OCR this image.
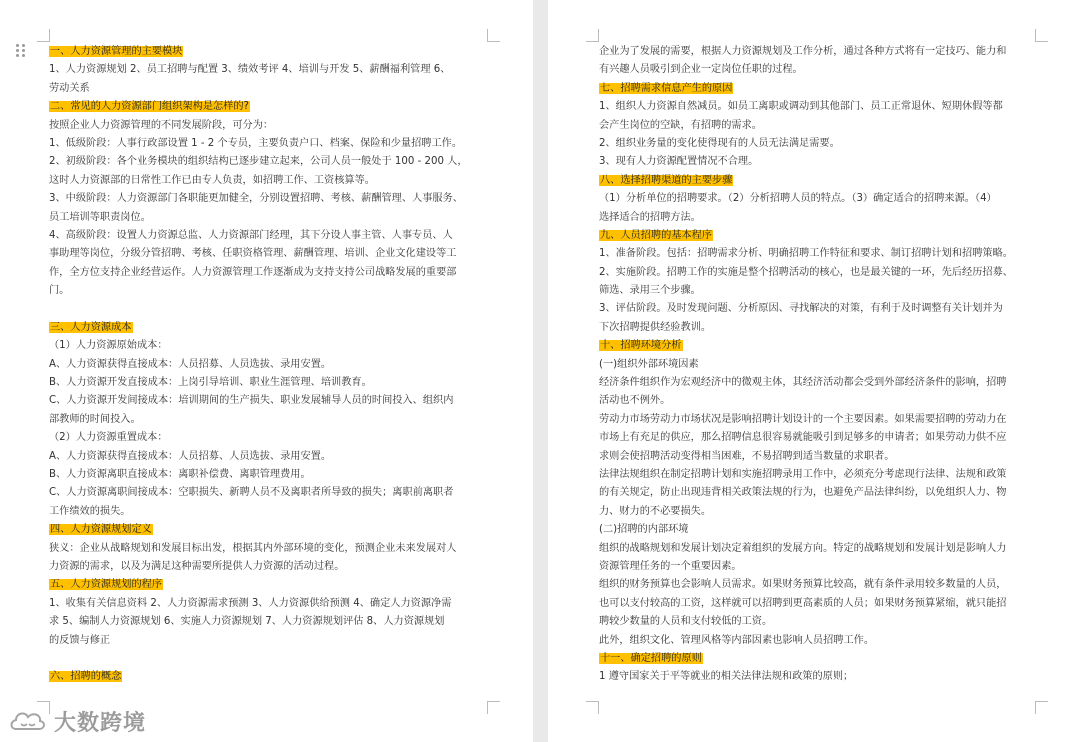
一、人力资源管理的主要模块
1、人力资源规划 2、员工招聘与配置 3、绩效考评 4、培训与开发 5、薪酬福利管理 6、
劳动关系
二、常见的人力资源部门组织架构是怎样的?
按照企业人力资源管理的不同发展阶段，可分为：
1、低级阶段：人事行政部设置 1 - 2 个专员，主要负责户口、档案、保险和少量招聘工作。
2、初级阶段：各个业务模块的组织结构已逐步建立起来，公司人员一般处于 100 - 200 人，
这时人力资源部的日常性工作已由专人负责，如招聘工作、工资核算等。
3、中级阶段：人力资源部门各职能更加健全，分别设置招聘、考核、薪酬管理、人事服务、
员工培训等职责岗位。
4、高级阶段：设置人力资源总监、人力资源部门经理，其下分设人事主管、人事专员、人
事助理等岗位，分级分管招聘、考核、任职资格管理、薪酬管理、培训、企业文化建设等工
作，全方位支持企业经营运作。人力资源管理工作逐渐成为支持支持公司战略发展的重要部
门。
三、人力资源成本
（1）人力资源原始成本：
A、人力资源获得直接成本：人员招募、人员选拔、录用安置。
B、人力资源开发直接成本：上岗引导培训、职业生涯管理、培训教育。
C、人力资源开发间接成本：培训期间的生产损失、职业发展辅导人员的时间投入、组织内
部教师的时间投入。
（2）人力资源重置成本：
A、人力资源获得直接成本：人员招募、人员选拔、录用安置。
B、人力资源离职直接成本：离职补偿费、离职管理费用。
C、人力资源离职间接成本：空职损失、新聘人员不及离职者所导致的损失；离职前离职者
工作绩效的损失。
四、人力资源规划定义
狭义：企业从战略规划和发展目标出发，根据其内外部环境的变化，预测企业未来发展对人
力资源的需求，以及为满足这种需要所提供人力资源的活动过程。
五、人力资源规划的程序
1、收集有关信息资料 2、人力资源需求预测 3、人力资源供给预测 4、确定人力资源净需
求 5、编制人力资源规划 6、实施人力资源规划 7、人力资源规划评估 8、人力资源规划
的反馈与修正
六、招聘的概念
企业为了发展的需要，根据人力资源规划及工作分析，通过各种方式将有一定技巧、能力和
有兴趣人员吸引到企业一定岗位任职的过程。
七、招聘需求信息产生的原因
1、组织人力资源自然减员。如员工离职或调动到其他部门、员工正常退休、短期休假等都
会产生岗位的空缺，有招聘的需求。
2、组织业务量的变化使得现有的人员无法满足需要。
3、现有人力资源配置情况不合理。
八、选择招聘渠道的主要步骤
（1）分析单位的招聘要求。（2）分析招聘人员的特点。（3）确定适合的招聘来源。（4）
选择适合的招聘方法。
九、人员招聘的基本程序
1、准备阶段。包括：招聘需求分析、明确招聘工作特征和要求、制订招聘计划和招聘策略。
2、实施阶段。招聘工作的实施是整个招聘活动的核心，也是最关键的一环，先后经历招募、
筛选、录用三个步骤。
3、评估阶段。及时发现问题、分析原因、寻找解决的对策，有利于及时调整有关计划并为
下次招聘提供经验教训。
十、招聘环境分析
(一)组织外部环境因素
经济条件组织作为宏观经济中的微观主体，其经济活动都会受到外部经济条件的影响，招聘
活动也不例外。
劳动力市场劳动力市场状况是影响招聘计划设计的一个主要因素。如果需要招聘的劳动力在
市场上有充足的供应，那么招聘信息很容易就能吸引到足够多的申请者；如果劳动力供不应
求则会使招聘活动变得相当困难，不易招聘到适当数量的求职者。
法律法规组织在制定招聘计划和实施招聘录用工作中，必须充分考虑现行法律、法规和政策
的有关规定，防止出现违背相关政策法规的行为，也避免产品法律纠纷，以免组织人力、物
力、财力的不必要损失。
(二)招聘的内部环境
组织的战略规划和发展计划决定着组织的发展方向。特定的战略规划和发展计划是影响人力
资源管理任务的一个重要因素。
组织的财务预算也会影响人员需求。如果财务预算比较高，就有条件录用较多数量的人员，
也可以支付较高的工资，这样就可以招聘到更高素质的人员；如果财务预算紧缩，就只能招
聘较少数量的人员和支付较低的工资。
此外，组织文化、管理风格等内部因素也影响人员招聘工作。
十一、确定招聘的原则
1 遵守国家关于平等就业的相关法律法规和政策的原则；
大数跨境
